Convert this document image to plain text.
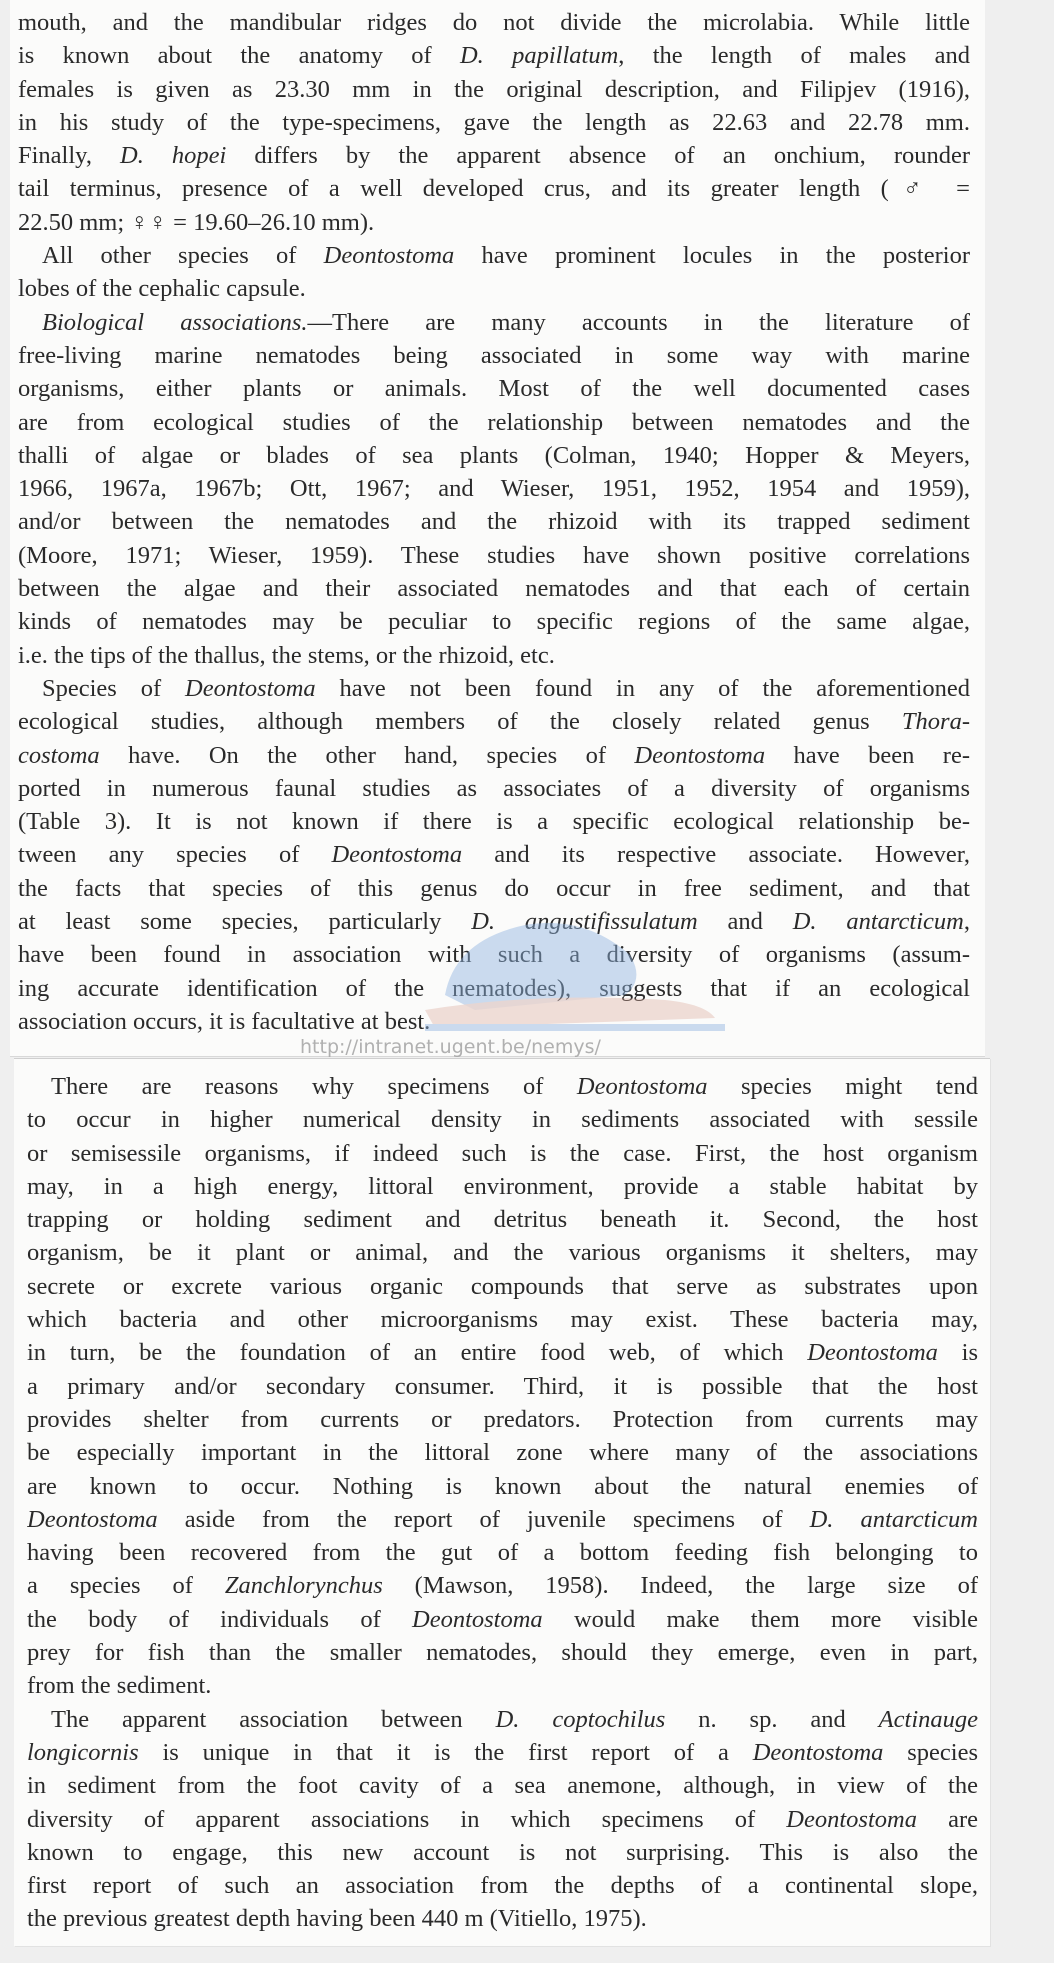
mouth, and the mandibular ridges do not divide the microlabia. While little
is known about the anatomy of D. papillatum, the length of males and
females is given as 23.30 mm in the original description, and Filipjev (1916),
in his study of the type-specimens, gave the length as 22.63 and 22.78 mm.
Finally, D. hopei differs by the apparent absence of an onchium, rounder
tail terminus, presence of a well developed crus, and its greater length (♂ =
22.50 mm; ♀♀ = 19.60–26.10 mm).
All other species of Deontostoma have prominent locules in the posterior
lobes of the cephalic capsule.
Biological associations.—There are many accounts in the literature of
free-living marine nematodes being associated in some way with marine
organisms, either plants or animals. Most of the well documented cases
are from ecological studies of the relationship between nematodes and the
thalli of algae or blades of sea plants (Colman, 1940; Hopper & Meyers,
1966, 1967a, 1967b; Ott, 1967; and Wieser, 1951, 1952, 1954 and 1959),
and/or between the nematodes and the rhizoid with its trapped sediment
(Moore, 1971; Wieser, 1959). These studies have shown positive correlations
between the algae and their associated nematodes and that each of certain
kinds of nematodes may be peculiar to specific regions of the same algae,
i.e. the tips of the thallus, the stems, or the rhizoid, etc.
Species of Deontostoma have not been found in any of the aforementioned
ecological studies, although members of the closely related genus Thora-
costoma have. On the other hand, species of Deontostoma have been re-
ported in numerous faunal studies as associates of a diversity of organisms
(Table 3). It is not known if there is a specific ecological relationship be-
tween any species of Deontostoma and its respective associate. However,
the facts that species of this genus do occur in free sediment, and that
at least some species, particularly D. angustifissulatum and D. antarcticum,
have been found in association with such a diversity of organisms (assum-
ing accurate identification of the nematodes), suggests that if an ecological
association occurs, it is facultative at best.
There are reasons why specimens of Deontostoma species might tend
to occur in higher numerical density in sediments associated with sessile
or semisessile organisms, if indeed such is the case. First, the host organism
may, in a high energy, littoral environment, provide a stable habitat by
trapping or holding sediment and detritus beneath it. Second, the host
organism, be it plant or animal, and the various organisms it shelters, may
secrete or excrete various organic compounds that serve as substrates upon
which bacteria and other microorganisms may exist. These bacteria may,
in turn, be the foundation of an entire food web, of which Deontostoma is
a primary and/or secondary consumer. Third, it is possible that the host
provides shelter from currents or predators. Protection from currents may
be especially important in the littoral zone where many of the associations
are known to occur. Nothing is known about the natural enemies of
Deontostoma aside from the report of juvenile specimens of D. antarcticum
having been recovered from the gut of a bottom feeding fish belonging to
a species of Zanchlorynchus (Mawson, 1958). Indeed, the large size of
the body of individuals of Deontostoma would make them more visible
prey for fish than the smaller nematodes, should they emerge, even in part,
from the sediment.
The apparent association between D. coptochilus n. sp. and Actinauge
longicornis is unique in that it is the first report of a Deontostoma species
in sediment from the foot cavity of a sea anemone, although, in view of the
diversity of apparent associations in which specimens of Deontostoma are
known to engage, this new account is not surprising. This is also the
first report of such an association from the depths of a continental slope,
the previous greatest depth having been 440 m (Vitiello, 1975).
http://intranet.ugent.be/nemys/
